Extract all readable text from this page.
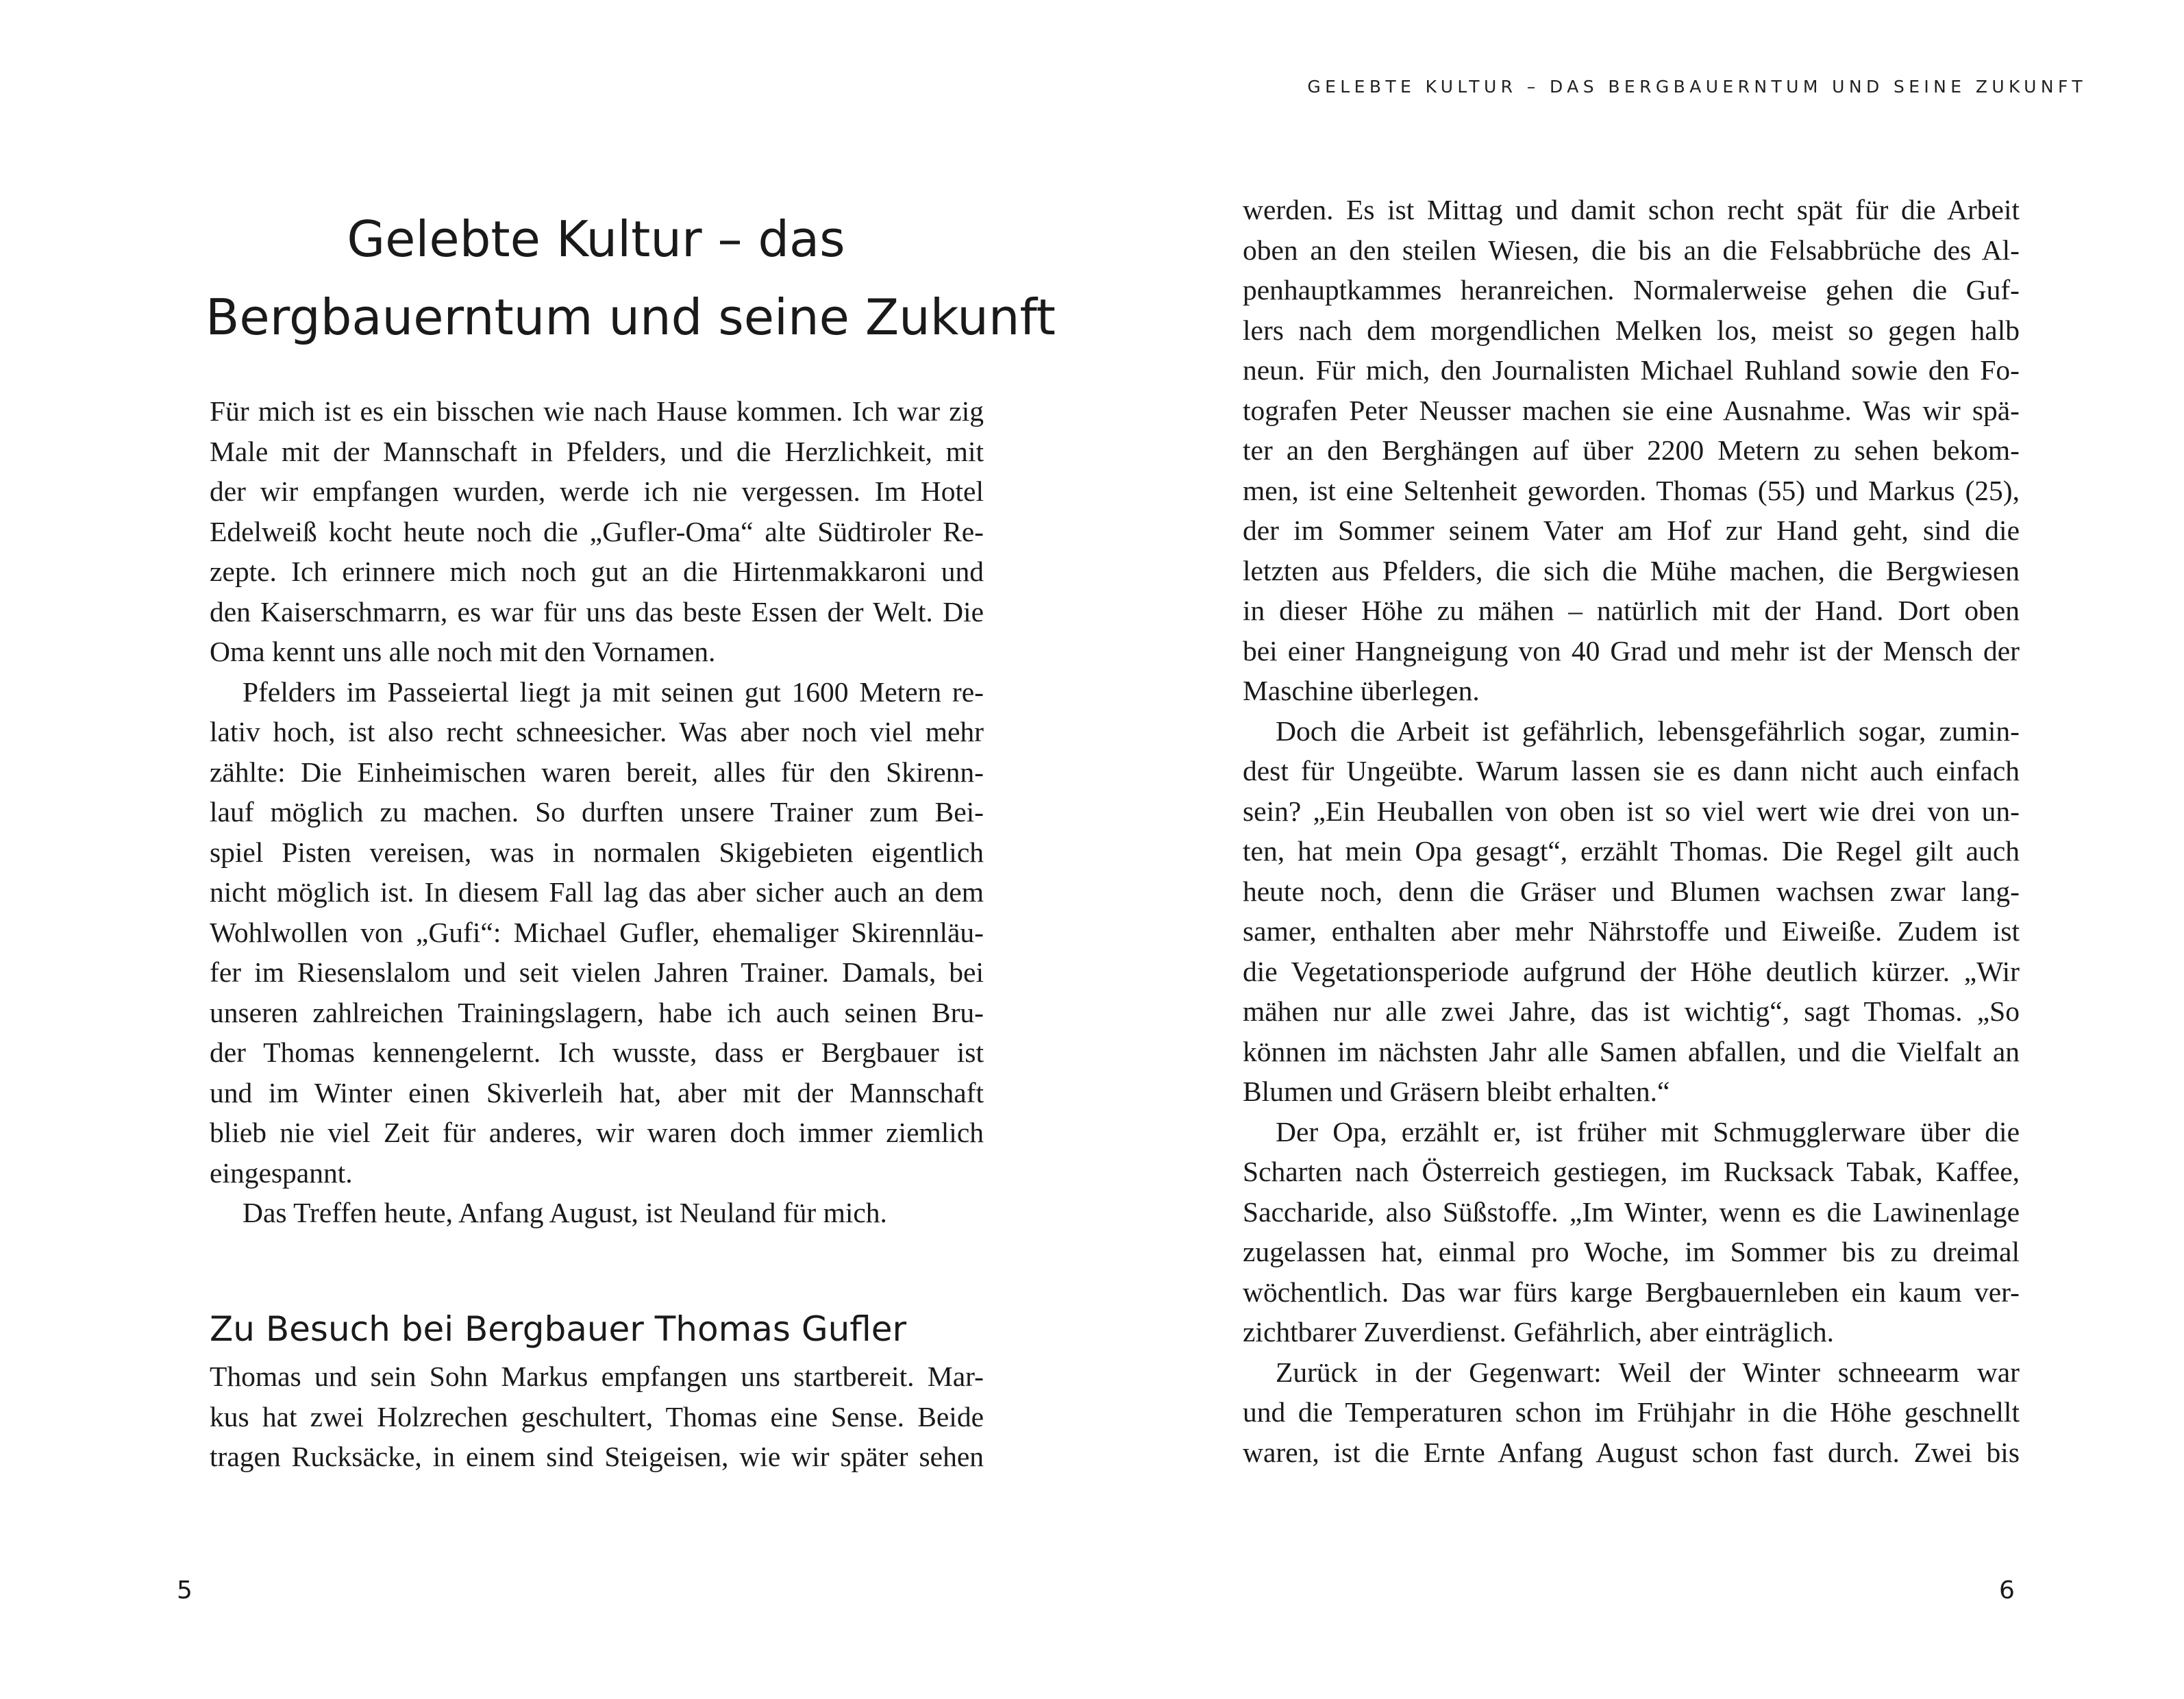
Gelebte Kultur – das
Bergbauerntum und seine Zukunft
Für mich ist es ein bisschen wie nach Hause kommen. Ich war zig
Male mit der Mannschaft in Pfelders, und die Herzlichkeit, mit
der wir empfangen wurden, werde ich nie vergessen. Im Hotel
Edelweiß kocht heute noch die „Gufler-Oma“ alte Südtiroler Re-
zepte. Ich erinnere mich noch gut an die Hirtenmakkaroni und
den Kaiserschmarrn, es war für uns das beste Essen der Welt. Die
Oma kennt uns alle noch mit den Vornamen.
Pfelders im Passeiertal liegt ja mit seinen gut 1600 Metern re-
lativ hoch, ist also recht schneesicher. Was aber noch viel mehr
zählte: Die Einheimischen waren bereit, alles für den Skirenn-
lauf möglich zu machen. So durften unsere Trainer zum Bei-
spiel Pisten vereisen, was in normalen Skigebieten eigentlich
nicht möglich ist. In diesem Fall lag das aber sicher auch an dem
Wohlwollen von „Gufi“: Michael Gufler, ehemaliger Skirennläu-
fer im Riesenslalom und seit vielen Jahren Trainer. Damals, bei
unseren zahlreichen Trainingslagern, habe ich auch seinen Bru-
der Thomas kennengelernt. Ich wusste, dass er Bergbauer ist
und im Winter einen Skiverleih hat, aber mit der Mannschaft
blieb nie viel Zeit für anderes, wir waren doch immer ziemlich
eingespannt.
Das Treffen heute, Anfang August, ist Neuland für mich.
Zu Besuch bei Bergbauer Thomas Gufler
Thomas und sein Sohn Markus empfangen uns startbereit. Mar-
kus hat zwei Holzrechen geschultert, Thomas eine Sense. Beide
tragen Rucksäcke, in einem sind Steigeisen, wie wir später sehen
5
GELEBTE KULTUR – DAS BERGBAUERNTUM UND SEINE ZUKUNFT
werden. Es ist Mittag und damit schon recht spät für die Arbeit
oben an den steilen Wiesen, die bis an die Felsabbrüche des Al-
penhauptkammes heranreichen. Normalerweise gehen die Guf-
lers nach dem morgendlichen Melken los, meist so gegen halb
neun. Für mich, den Journalisten Michael Ruhland sowie den Fo-
tografen Peter Neusser machen sie eine Ausnahme. Was wir spä-
ter an den Berghängen auf über 2200 Metern zu sehen bekom-
men, ist eine Seltenheit geworden. Thomas (55) und Markus (25),
der im Sommer seinem Vater am Hof zur Hand geht, sind die
letzten aus Pfelders, die sich die Mühe machen, die Bergwiesen
in dieser Höhe zu mähen – natürlich mit der Hand. Dort oben
bei einer Hangneigung von 40 Grad und mehr ist der Mensch der
Maschine überlegen.
Doch die Arbeit ist gefährlich, lebensgefährlich sogar, zumin-
dest für Ungeübte. Warum lassen sie es dann nicht auch einfach
sein? „Ein Heuballen von oben ist so viel wert wie drei von un-
ten, hat mein Opa gesagt“, erzählt Thomas. Die Regel gilt auch
heute noch, denn die Gräser und Blumen wachsen zwar lang-
samer, enthalten aber mehr Nährstoffe und Eiweiße. Zudem ist
die Vegetationsperiode aufgrund der Höhe deutlich kürzer. „Wir
mähen nur alle zwei Jahre, das ist wichtig“, sagt Thomas. „So
können im nächsten Jahr alle Samen abfallen, und die Vielfalt an
Blumen und Gräsern bleibt erhalten.“
Der Opa, erzählt er, ist früher mit Schmugglerware über die
Scharten nach Österreich gestiegen, im Rucksack Tabak, Kaffee,
Saccharide, also Süßstoffe. „Im Winter, wenn es die Lawinenlage
zugelassen hat, einmal pro Woche, im Sommer bis zu dreimal
wöchentlich. Das war fürs karge Bergbauernleben ein kaum ver-
zichtbarer Zuverdienst. Gefährlich, aber einträglich.
Zurück in der Gegenwart: Weil der Winter schneearm war
und die Temperaturen schon im Frühjahr in die Höhe geschnellt
waren, ist die Ernte Anfang August schon fast durch. Zwei bis
6
